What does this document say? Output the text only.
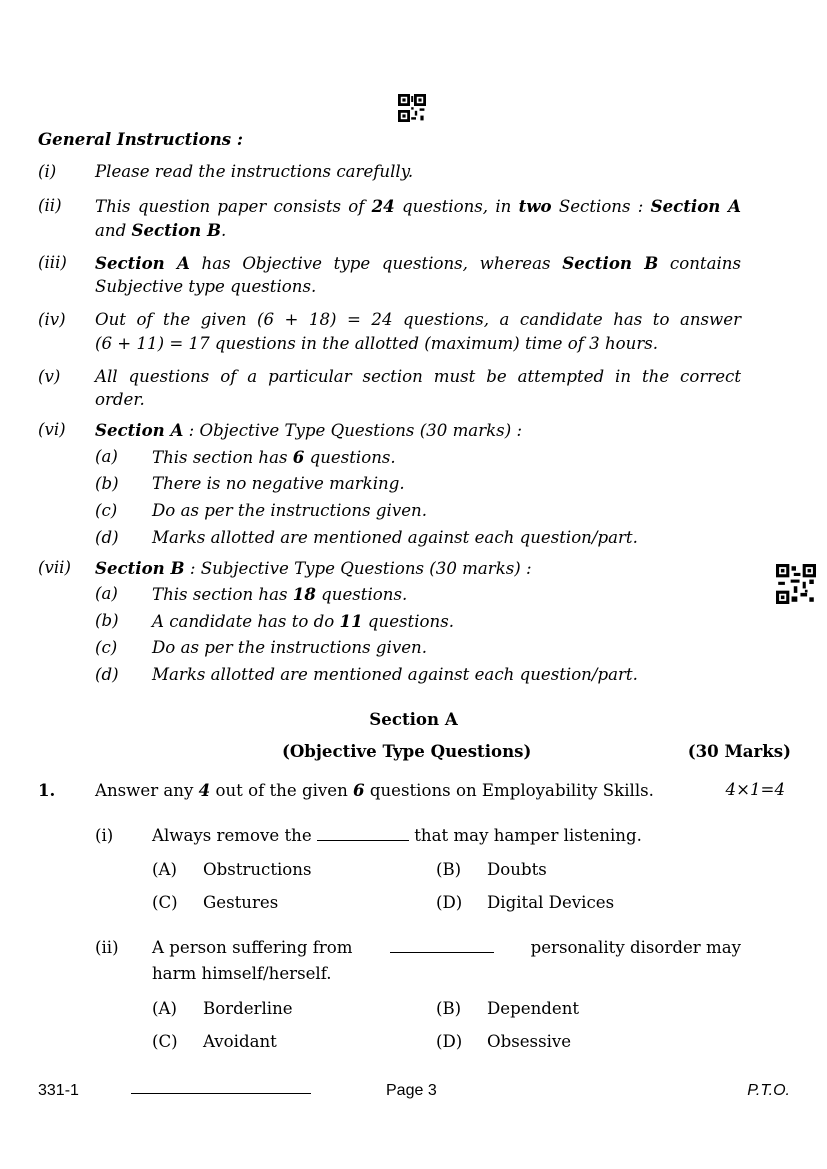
General Instructions :
(i) Please read the instructions carefully.
(ii) This question paper consists of 24 questions, in two Sections : Section A
and Section B.
(iii) Section A has Objective type questions, whereas Section B contains
Subjective type questions.
(iv) Out of the given (6 + 18) = 24 questions, a candidate has to answer
(6 + 11) = 17 questions in the allotted (maximum) time of 3 hours.
(v) All questions of a particular section must be attempted in the correct
order.
(vi) Section A : Objective Type Questions (30 marks) :
(a) This section has 6 questions.
(b) There is no negative marking.
(c) Do as per the instructions given.
(d) Marks allotted are mentioned against each question/part.
(vii) Section B : Subjective Type Questions (30 marks) :
(a) This section has 18 questions.
(b) A candidate has to do 11 questions.
(c) Do as per the instructions given.
(d) Marks allotted are mentioned against each question/part.
Section A
(Objective Type Questions)	(30 Marks)
1. Answer any 4 out of the given 6 questions on Employability Skills.	4×1=4
(i) Always remove the	that may hamper listening.
(A) Obstructions	(B) Doubts
(C) Gestures	(D) Digital Devices
(ii) A person suffering from	personality disorder may
harm himself/herself.
(A) Borderline	(B) Dependent
(C) Avoidant	(D) Obsessive
331-1	Page 3	P.T.O.
